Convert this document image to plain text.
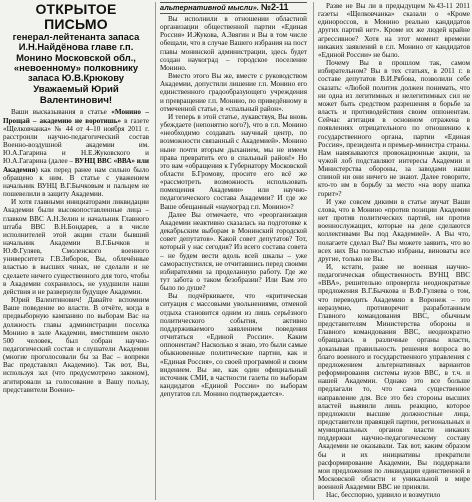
ОТКРЫТОЕ ПИСЬМО
генерал-лейтенанта запаса И.Н.Найдёнова главе г.п. Монино Московской обл., «невоенному» полковнику запаса Ю.В.Крюкову
Уважаемый Юрий Валентинович!

Ваши высказывания в статье «Монино – Прощай – академию не воротишь» в газете «Щелковчанка» № 44 от 4–10 ноября 2011 г. расстроили научно-педагогический состав Военно-воздушной академии им. Ю.А.Гагарина и Н.Е.Жуковского и Ю.А.Гагарина (далее – ВУНЦ ВВС «ВВА» или Академия) как перед ранее нам сильно было обращено к ним. В статье с уважением начальник ВУНЦ В.Г.Бычковым и пальцем не пошевелили в защиту Академии.

И хотя главными инициаторами ликвидации Академии были высокопоставленные лица – главком ВВС А.Н.Зелин и начальник Главного штаба ВВС В.Н.Бондарев, а в числе исполнителей этой акции стали бывший начальник Академии В.Г.Бычков и Ю.Ф.Гуляев, Смоленского военного университета Г.В.Зиборов, Вы, облечённые властью в высших чинах, не сделали и не сделаете ничего существенного для того, чтобы в Академии сохранилось, не ухудшили наши действия и не развернули будущее Академии.

Юрий Валентинович! Давайте вспомним Ваше поведение во власти. В отчёте, когда в предвыборную кампанию по выборам Вас на должность главы администрации поселка Монино в зале Академии, вместившем около 500 человек, был собран научно-педагогический состав и слушатели Академии (многие проголосовали бы за Вас – вопреки Вас представлял Академию). Так вот, Вы, используя зал (что предусмотрено законом), агитировали за голосование в Вашу пользу, представители Военно-

альтернативной мысли». №2-11

Вы исполнили в отношении областной организации общественной партии «Единая Россия» И.Жукова, А.Звягин и Вы в том числе обещали, что в случае Вашего избрания на пост главы монинской администрации, здесь будет создан наукоград – городское поселение Монино.

Вместо этого Вы же, вместе с руководством Академии, допустили лишение г.п. Монино его единственного градообразующего учреждения и превращение г.п. Монино, по приведённому в отмеченной статье, в «спальный район».

И теперь в этой статье, лукавствуя, Вы вновь убеждаете (непонятно кого?), что в г.п. Монино «необходимо создавать научный центр, по возможности связанный с Академией». Монино ныне почти вторым дыханием, мы не имеем права превратить его в спальный район!» Но это вам «обращения к Губернатору Московской области Б.Громову, просите его всё же «рассмотреть возможность использовать помещения Академии» или научно-педагогического состава Академии? И где же Ваше обещанный «наукоград г.п. Монино»?

Далее Вы отмечаете, что «реорганизация Академии неактивно сказалась на подготовке к декабрьским выборам в Монинский городской совет депутатов». Какой совет депутатов? Тот, который у нас сегодня? Из всего состава совета – не будем вести вдоль всей шкалы – уже самораспустился, не отчитавшись перед своими избирателями за проделанную работу. Где же тут забота о таком безобразии? Или Вам это было по душе?

Вы подчёркиваете, что «критическая ситуация с массовыми увольнениями, отменой отдыха становится одним из лишь серьёзного политического события, активно поддерживаемого заявлением поведения отчитаться «Единой России». Каким оппонентам? Насколько я знаю, это были самые обыкновенные политические партии, как и «Единая Россия», со своей программой и своим видением. Вы же, как один официальный источник СМИ, в частности газеты по выборам кандидатов «Единой России» по выборам депутатов г.п. Монино подтверждается».

Разве не Вы ли в предыдущем №43-11 2011 газеты «Щелковчанка» сказали о «Кроме единороссов, в Монино реально кандидатов других партий нет». Кроме их же людей крайне агрессивное? Хотя на этот момент времени никаких заявлений в г.п. Монино от кандидатов «Единой России» не было.

Почему Вы в прошлом так, самом избирательном? Вы в тех статьях, в 2011 г. в составе депутатов В.И.Рябова, позволили себе сказать: «Любой политик должен понимать, что ни одна из легитимных и нелегитимных сил не может быть средством разрешения в борьбе за власть и противодействия своим оппонентам. Сейчас агитация в основном отражена в появлениях отрицательного по отношению к государственного органа, партии «Единая Россия», президента и премьер-министра страны. Нам навязываются провокационные акции, за чужой лоб подставляют интересы Академии и Министерства обороны, за заводами наши спиной ни они ничего не знают. Далее говорите, кто-то им в борьбу за место «на вору шапка горит»?

И уже совсем дикими в статье звучат Ваши слова, что в Монино «против позиции Академии нет против политических партий, ни против военнослужащих, которые на деле сделаются коллективами Вы под Академией». А Вы что, полагаете сделал Вы? Вы можете заявить, что во всех них Вы полностью избраны, виноваты все другие, только не Вы.

И, кстати, разве не военная научно-педагогическая общественность ВУНЦ ВВС «ВВА», решительно опровергла неоднократные предложения В.Г.Бычкова и В.Ф.Гуляева о том, что переводить Академию в Воронеж – это неразумно, противоречит разработанным Главного командования ВВС, обычным представителям Министерства обороны и Главного командования ВВС, неоднократно обращалась в различные органы власти, доказывая правильность решения вопроса во благо военного и государственного управления с предложением альтернативных вариантов реформирования системы вузов ВВС, в т.ч. и нашей Академии. Однако это все больше предлагали то, что сама существенное направление для. Все это без стороны высших властей выявили лишь реакцию, которое предложили высшие должностные лица, представители правящей партии, региональных и муниципальных органов власти никаких поддержки научно-педагогическому составу Академии не оказывали. Так вот, каким образом бы и их инициативы прекратили расформирование Академии, Вы поддержали мои предложения по ликвидации единственной в Московской области и уникальной в мире военной Академии ВВС не приняли.

Нас, бесспорно, удивило и возмутило
